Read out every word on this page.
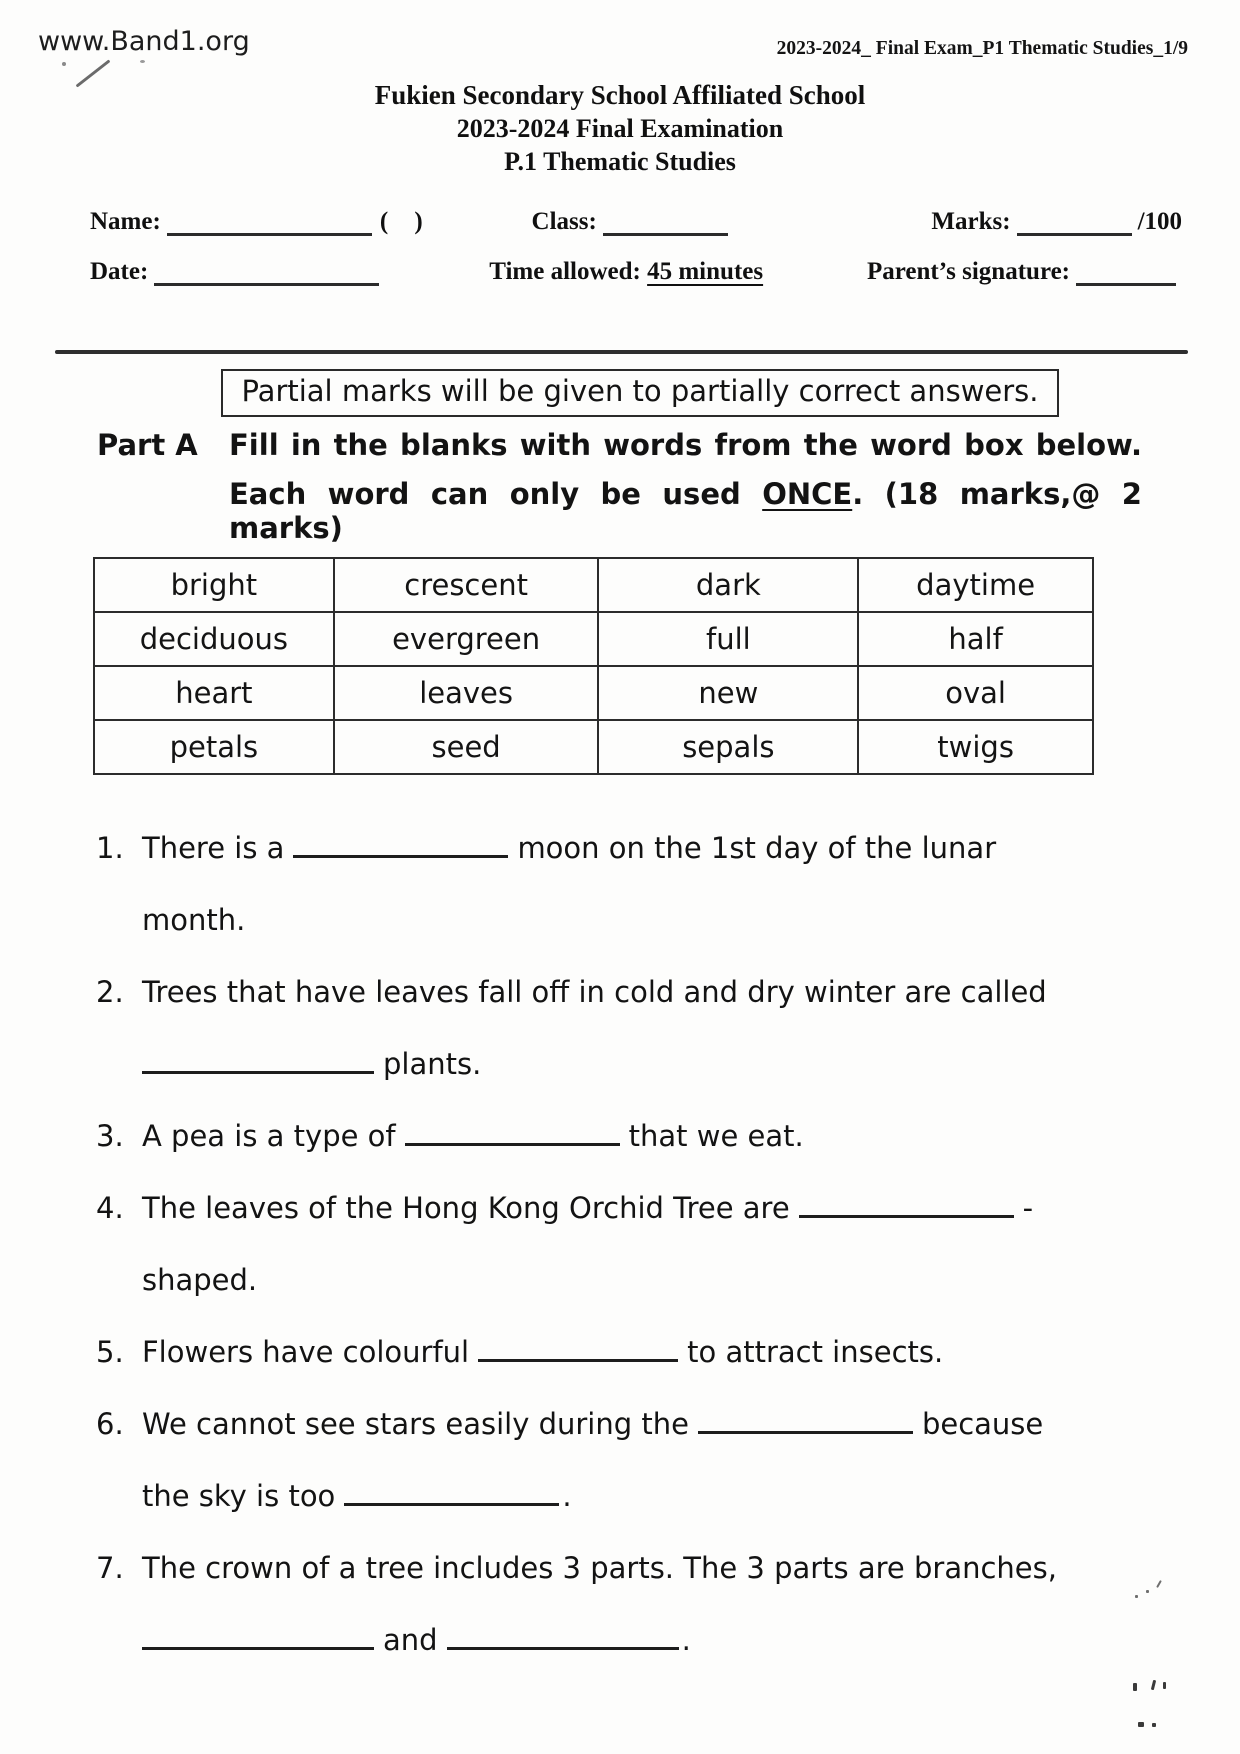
www.Band1.org	2023-2024_ Final Exam_P1 Thematic Studies_1/9
Fukien Secondary School Affiliated School
2023-2024 Final Examination
P.1 Thematic Studies
Name:	( )	Class:	Marks:	/100
Date:	Time allowed:
45 minutes	Parent’s signature:
Partial marks will be given to partially correct answers.
Part A	Fill in the blanks with words from the word box below.
Each word can only be used ONCE. (18 marks,@ 2 marks)
bright	crescent	dark	daytime
deciduous	evergreen	full	half
heart	leaves	new	oval
petals	seed	sepals	twigs
1. There is a	moon on the 1st day of the lunar
month.
2. Trees that have leaves fall off in cold and dry winter are called
plants.
3. A pea is a type of	that we eat.
4. The leaves of the Hong Kong Orchid Tree are	-
shaped.
5. Flowers have colourful	to attract insects.
6. We cannot see stars easily during the	because
the sky is too	.
7. The crown of a tree includes 3 parts. The 3 parts are branches,
and	.
